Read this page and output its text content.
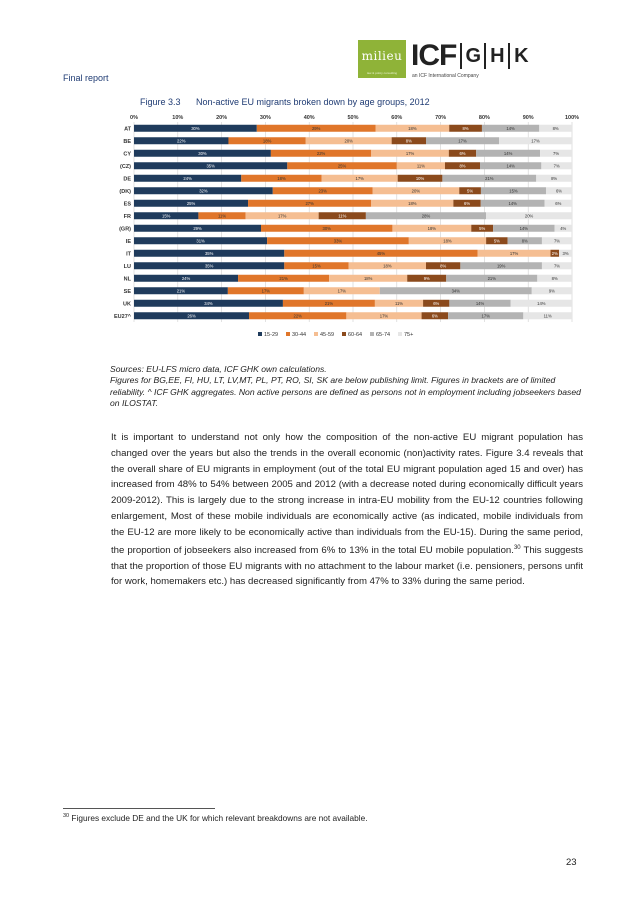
Final report
milieu
law & policy consulting
ICF G H K
an ICF International Company
Figure 3.3 Non-active EU migrants broken down by age groups, 2012
0%	10%	20%	30%	40%	50%	60%	70%	80%	90%	100%
AT	30%	29%	18%	8%	14%	8%
BE	22%	18%	20%	8%	17%	17%
CY	30%	22%	17%	6%	14%	7%
(CZ)	35%	25%	11%	8%	14%	7%
DE	24%	18%	17%	10%	21%	8%
(DK)	32%	23%	20%	5%	15%	6%
ES	25%	27%	18%	6%	14%	6%
FR	15%	11%	17%	11%	28%	20%
(GR)	29%	30%	18%	5%	14%	4%
IE	31%	33%	18%	5%	8%	7%
IT	35%	45%	17%	2% 3%
LU	35%	15%	18%	8%	19%	7%
NL	24%	21%	18%	9%	21%	8%
SE	21%	17%	17%	34%	9%
UK	34%	21%	11%	6%	14%	14%
EU27^	26%	22%	17%	6%	17%	11%
15-29	30-44	45-59	60-64	65-74	75+

Sources: EU-LFS micro data, ICF GHK own calculations.

Figures for BG,EE, FI, HU, LT, LV,MT, PL, PT, RO, SI, SK are below publishing limit. Figures in brackets are of limited reliability. ^ ICF GHK aggregates. Non active persons are defined as persons not in employment including jobseekers based on ILOSTAT.

It is important to understand not only how the composition of the non-active EU migrant population has changed over the years but also the trends in the overall economic (non)activity rates. Figure 3.4 reveals that the overall share of EU migrants in employment (out of the total EU migrant population aged 15 and over) has increased from 48% to 54% between 2005 and 2012 (with a decrease noted during economically difficult years 2009-2012). This is largely due to the strong increase in intra-EU mobility from the EU-12 countries following enlargement, Most of these mobile individuals are economically active (as indicated, mobile individuals from the EU-12 are more likely to be economically active than individuals from the EU-15). During the same period, the proportion of jobseekers also increased from 6% to 13% in the total EU mobile population.$^{30}$ This suggests that the proportion of those EU migrants with no attachment to the labour market (i.e. pensioners, persons unfit for work, homemakers etc.) has decreased significantly from 47% to 33% during the same period.
$^{30}$ Figures exclude DE and the UK for which relevant breakdowns are not available.
23
